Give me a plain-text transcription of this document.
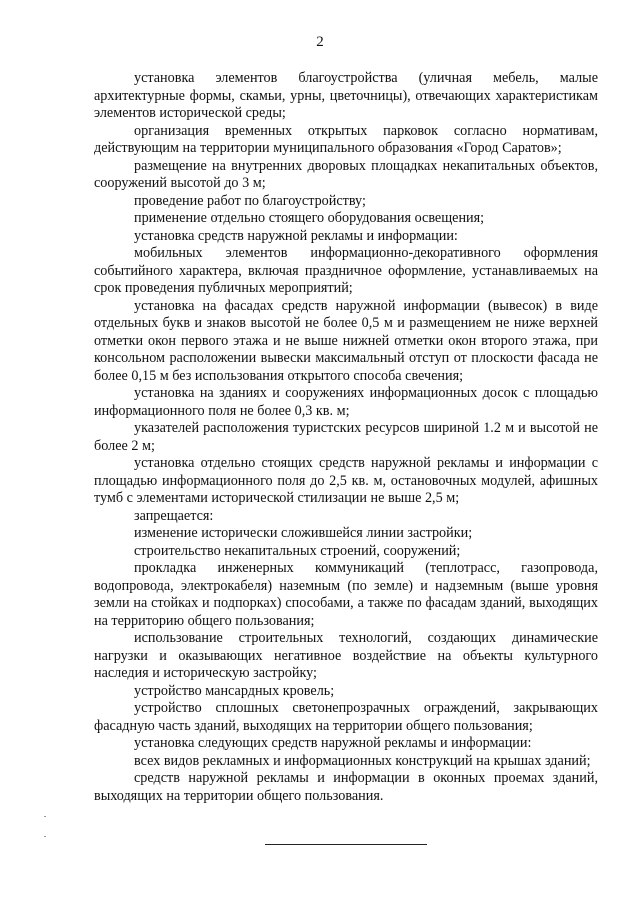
2

установка элементов благоустройства (уличная мебель, малые архитектурные формы, скамьи, урны, цветочницы), отвечающих характеристикам элементов исторической среды;

организация временных открытых парковок согласно нормативам, действующим на территории муниципального образования «Город Саратов»;

размещение на внутренних дворовых площадках некапитальных объектов, сооружений высотой до 3 м;

проведение работ по благоустройству;

применение отдельно стоящего оборудования освещения;

установка средств наружной рекламы и информации:

мобильных элементов информационно-декоративного оформления событийного характера, включая праздничное оформление, устанавливаемых на срок проведения публичных мероприятий;

установка на фасадах средств наружной информации (вывесок) в виде отдельных букв и знаков высотой не более 0,5 м и размещением не ниже верхней отметки окон первого этажа и не выше нижней отметки окон второго этажа, при консольном расположении вывески максимальный отступ от плоскости фасада не более 0,15 м без использования открытого способа свечения;

установка на зданиях и сооружениях информационных досок с площадью информационного поля не более 0,3 кв. м;

указателей расположения туристских ресурсов шириной 1.2 м и высотой не более 2 м;

установка отдельно стоящих средств наружной рекламы и информации с площадью информационного поля до 2,5 кв. м, остановочных модулей, афишных тумб с элементами исторической стилизации не выше 2,5 м;

запрещается:

изменение исторически сложившейся линии застройки;

строительство некапитальных строений, сооружений;

прокладка инженерных коммуникаций (теплотрасс, газопровода, водопровода, электрокабеля) наземным (по земле) и надземным (выше уровня земли на стойках и подпорках) способами, а также по фасадам зданий, выходящих на территорию общего пользования;

использование строительных технологий, создающих динамические нагрузки и оказывающих негативное воздействие на объекты культурного наследия и историческую застройку;

устройство мансардных кровель;

устройство сплошных светонепрозрачных ограждений, закрывающих фасадную часть зданий, выходящих на территории общего пользования;

установка следующих средств наружной рекламы и информации:

всех видов рекламных и информационных конструкций на крышах зданий;

средств наружной рекламы и информации в оконных проемах зданий, выходящих на территории общего пользования.
